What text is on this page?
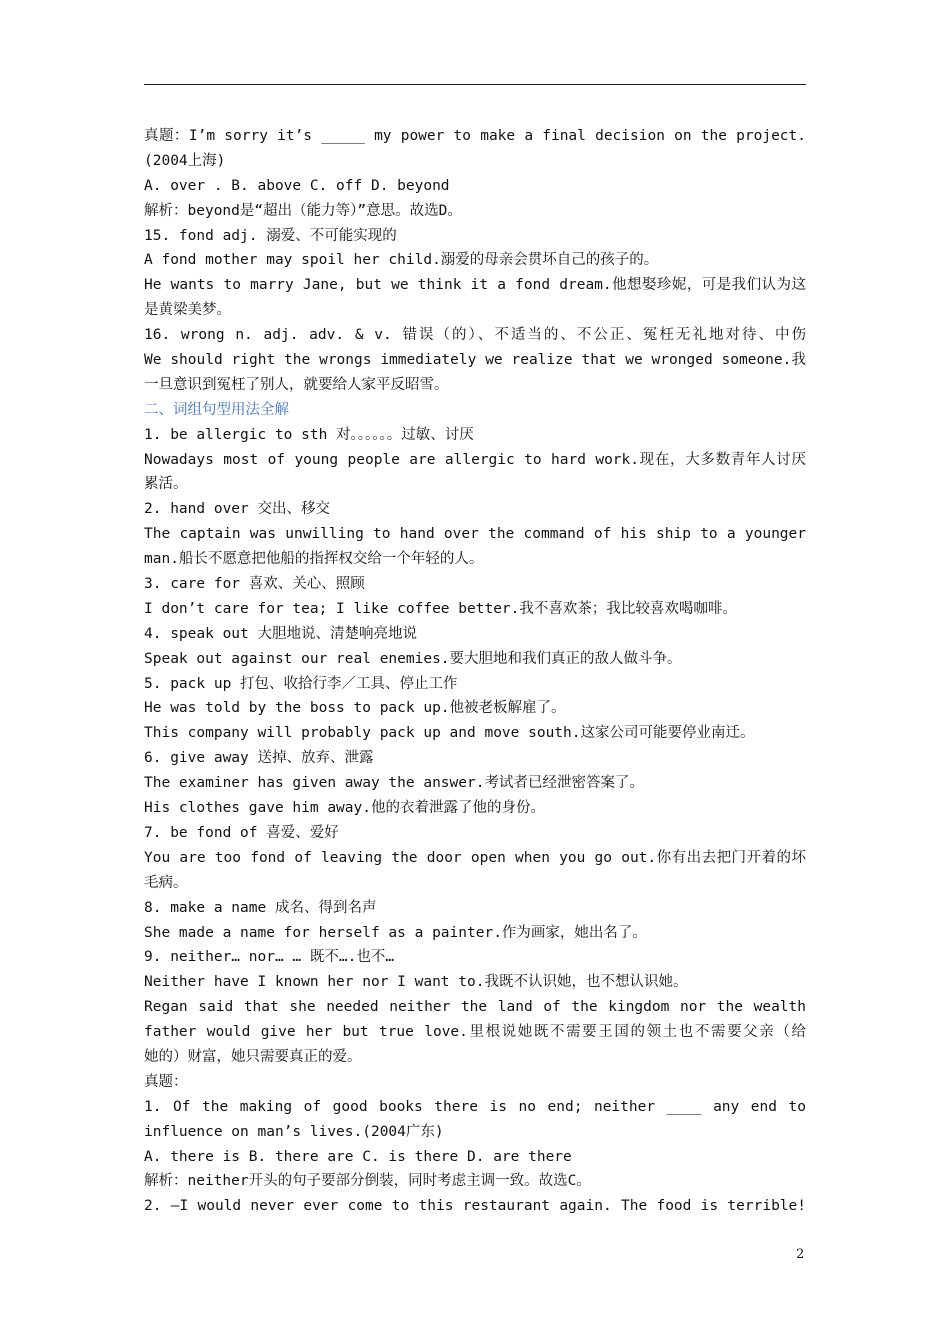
真题：I’m sorry it’s _____ my power to make a final decision on the project.
(2004上海)
A. over . B. above C. off D. beyond
解析：beyond是“超出（能力等）”意思。故选D。
15. fond adj. 溺爱、不可能实现的
A fond mother may spoil her child.溺爱的母亲会贯坏自己的孩子的。
He wants to marry Jane, but we think it a fond dream.他想娶珍妮，可是我们认为这
是黄梁美梦。
16. wrong n. adj. adv. & v. 错误（的）、不适当的、不公正、冤枉无礼地对待、中伤
We should right the wrongs immediately we realize that we wronged someone.我
一旦意识到冤枉了别人，就要给人家平反昭雪。
二、词组句型用法全解
1. be allergic to sth 对。。。。。。过敏、讨厌
Nowadays most of young people are allergic to hard work.现在，大多数青年人讨厌
累活。
2. hand over 交出、移交
The captain was unwilling to hand over the command of his ship to a younger
man.船长不愿意把他船的指挥权交给一个年轻的人。
3. care for 喜欢、关心、照顾
I don’t care for tea; I like coffee better.我不喜欢茶；我比较喜欢喝咖啡。
4. speak out 大胆地说、清楚响亮地说
Speak out against our real enemies.要大胆地和我们真正的敌人做斗争。
5. pack up 打包、收拾行李／工具、停止工作
He was told by the boss to pack up.他被老板解雇了。
This company will probably pack up and move south.这家公司可能要停业南迁。
6. give away 送掉、放弃、泄露
The examiner has given away the answer.考试者已经泄密答案了。
His clothes gave him away.他的衣着泄露了他的身份。
7. be fond of 喜爱、爱好
You are too fond of leaving the door open when you go out.你有出去把门开着的坏
毛病。
8. make a name 成名、得到名声
She made a name for herself as a painter.作为画家，她出名了。
9. neither… nor… … 既不….也不…
Neither have I known her nor I want to.我既不认识她，也不想认识她。
Regan said that she needed neither the land of the kingdom nor the wealth
father would give her but true love.里根说她既不需要王国的领土也不需要父亲（给
她的）财富，她只需要真正的爱。
真题：
1. Of the making of good books there is no end; neither ____ any end to
influence on man’s lives.(2004广东)
A. there is B. there are C. is there D. are there
解析：neither开头的句子要部分倒装，同时考虑主调一致。故选C。
2. —I would never ever come to this restaurant again. The food is terrible!
2
